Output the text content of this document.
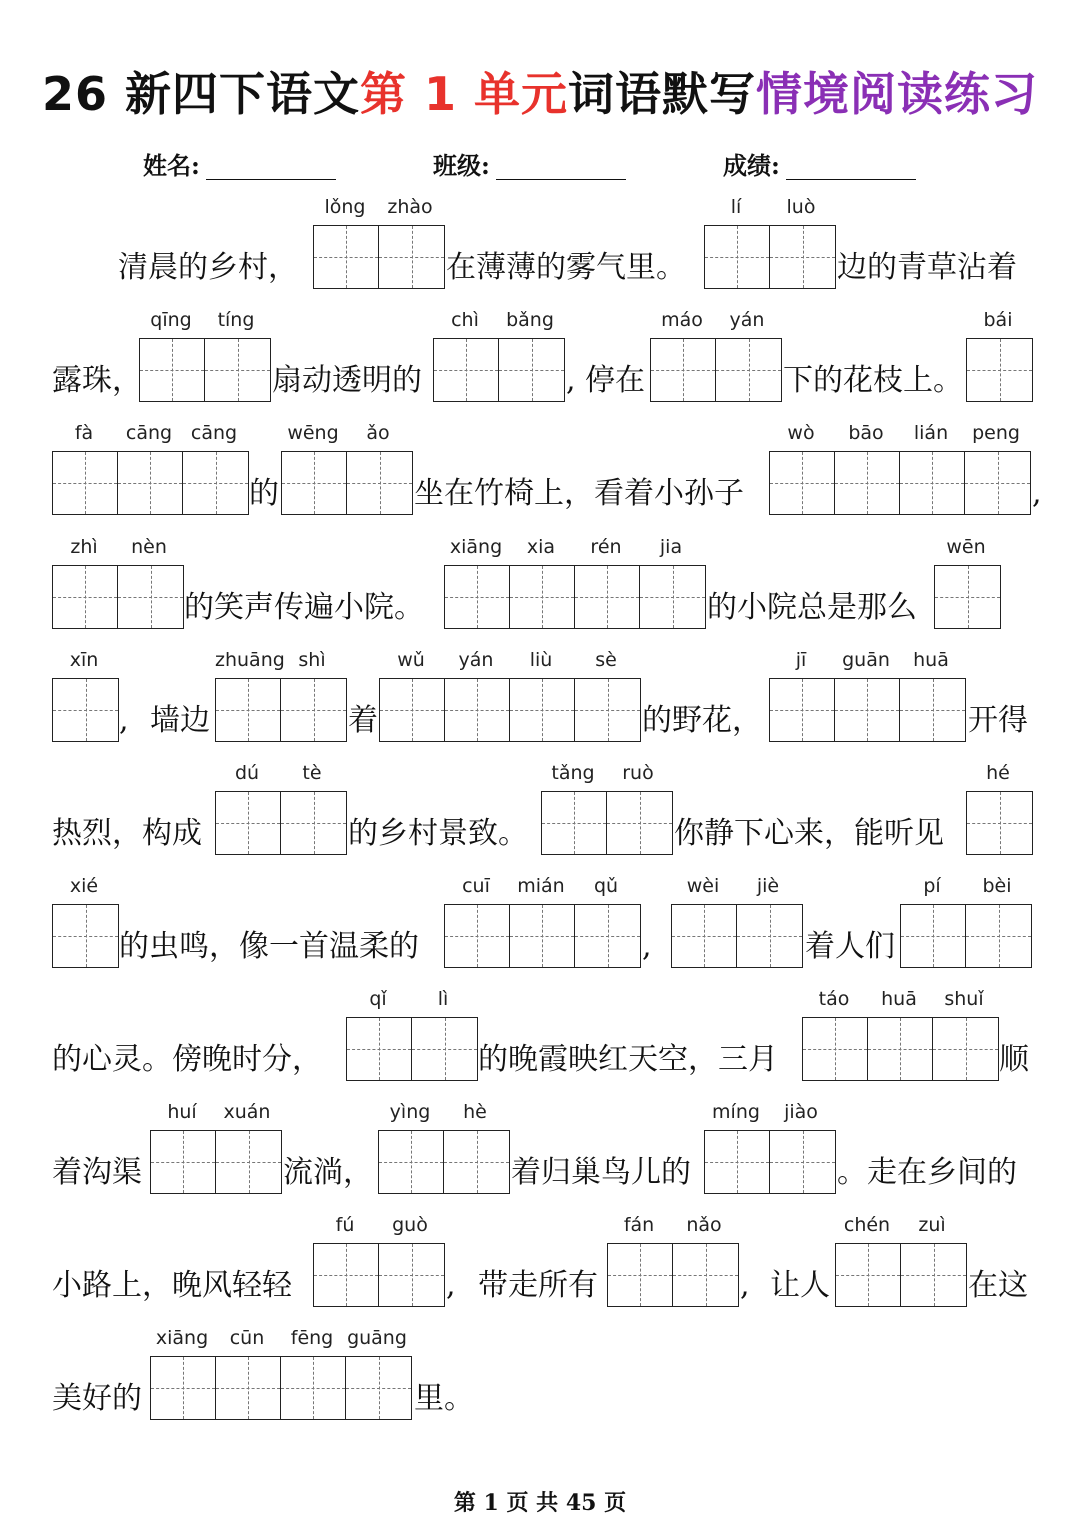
26 新四下语文第 1 单元词语默写情境阅读练习
姓名:	班级:	成绩:
lǒng	zhào	lí	luò
清晨的乡村，	在薄薄的雾气里。	边的青草沾着
qīng	tíng	chì	bǎng	máo	yán	bái
露珠，	扇动透明的	, 停在	下的花枝上。
fà	cāng cāng	wēng	ǎo	wò	bāo	lián	peng
的	坐在竹椅上，看着小孙子	,
zhì	nèn	xiāng	xia	rén	jia	wēn
的笑声传遍小院。	的小院总是那么
xīn	zhuāng shì	wǔ	yán	liù	sè	jī	guān	huā
, 墙边	着	的野花，	开得
dú	tè	tǎng	ruò	hé
热烈，构成	的乡村景致。	你静下心来，能听见
xié	cuī	mián	qǔ	wèi	jiè	pí	bèi
的虫鸣，像一首温柔的	,	着人们
qǐ	lì	táo	huā	shuǐ
的心灵。傍晚时分，	的晚霞映红天空，三月	顺
huí	xuán	yìng	hè	míng	jiào
着沟渠	流淌，	着归巢鸟儿的	。走在乡间的
fú	guò	fán	nǎo	chén	zuì
小路上，晚风轻轻	, 带走所有	, 让人	在这
xiāng	cūn	fēng guāng
美好的	里。
第 1 页 共 45 页
